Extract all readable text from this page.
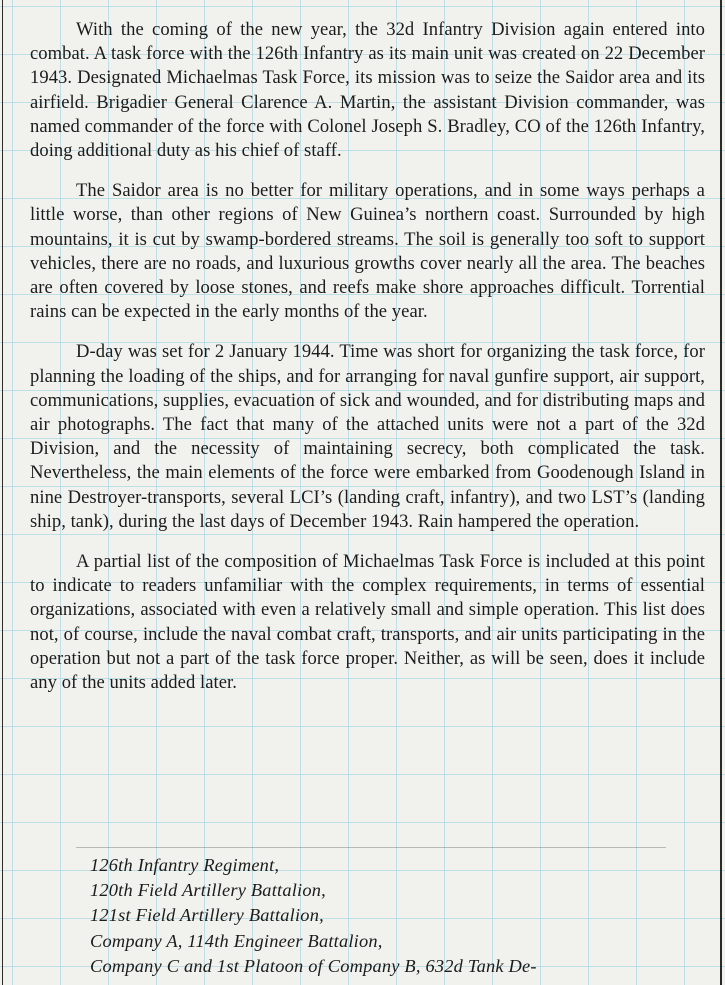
With the coming of the new year, the 32d Infantry Division again entered into combat. A task force with the 126th Infantry as its main unit was created on 22 December 1943. Designated Michaelmas Task Force, its mission was to seize the Saidor area and its airfield. Brigadier General Clarence A. Martin, the assistant Division commander, was named commander of the force with Colonel Joseph S. Bradley, CO of the 126th Infantry, doing additional duty as his chief of staff.

The Saidor area is no better for military operations, and in some ways perhaps a little worse, than other regions of New Guinea’s northern coast. Surrounded by high mountains, it is cut by swamp-bordered streams. The soil is generally too soft to support vehicles, there are no roads, and luxurious growths cover nearly all the area. The beaches are often covered by loose stones, and reefs make shore approaches difficult. Torrential rains can be expected in the early months of the year.

D-day was set for 2 January 1944. Time was short for organizing the task force, for planning the loading of the ships, and for arranging for naval gunfire support, air support, communications, supplies, evacuation of sick and wounded, and for distributing maps and air photographs. The fact that many of the attached units were not a part of the 32d Division, and the necessity of maintaining secrecy, both complicated the task. Nevertheless, the main elements of the force were embarked from Goodenough Island in nine Destroyer-transports, several LCI’s (landing craft, infantry), and two LST’s (landing ship, tank), during the last days of December 1943. Rain hampered the operation.

A partial list of the composition of Michaelmas Task Force is included at this point to indicate to readers unfamiliar with the complex requirements, in terms of essential organizations, associated with even a relatively small and simple operation. This list does not, of course, include the naval combat craft, transports, and air units participating in the operation but not a part of the task force proper. Neither, as will be seen, does it include any of the units added later.

126th Infantry Regiment,
120th Field Artillery Battalion,
121st Field Artillery Battalion,
Company A, 114th Engineer Battalion,
Company C and 1st Platoon of Company B, 632d Tank De-
